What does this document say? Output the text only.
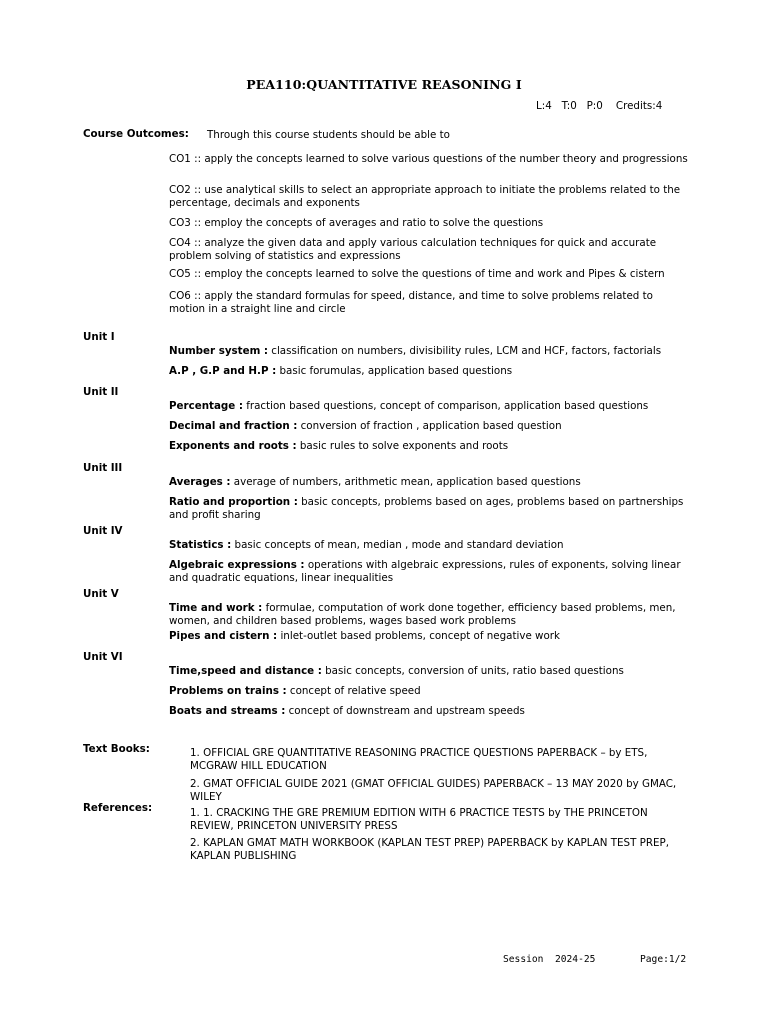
PEA110:QUANTITATIVE REASONING I
L:4   T:0   P:0    Credits:4
Course Outcomes: Through this course students should be able to
CO1 :: apply the concepts learned to solve various questions of the number theory and progressions
CO2 :: use analytical skills to select an appropriate approach to initiate the problems related to the percentage, decimals and exponents
CO3 :: employ the concepts of averages and ratio to solve the questions
CO4 :: analyze the given data and apply various calculation techniques for quick and accurate problem solving of statistics and expressions
CO5 :: employ the concepts learned to solve the questions of time and work and Pipes & cistern
CO6 :: apply the standard formulas for speed, distance, and time to solve problems related to motion in a straight line and circle
Unit I
Number system : classification on numbers, divisibility rules, LCM and HCF, factors, factorials
A.P , G.P and H.P : basic forumulas, application based questions
Unit II
Percentage : fraction based questions, concept of comparison, application based questions
Decimal and fraction : conversion of fraction , application based question
Exponents and roots : basic rules to solve exponents and roots
Unit III
Averages : average of numbers, arithmetic mean, application based questions
Ratio and proportion : basic concepts, problems based on ages, problems based on partnerships and profit sharing
Unit IV
Statistics : basic concepts of mean, median , mode and standard deviation
Algebraic expressions : operations with algebraic expressions, rules of exponents, solving linear and quadratic equations, linear inequalities
Unit V
Time and work : formulae, computation of work done together, efficiency based problems, men, women, and children based problems, wages based work problems
Pipes and cistern : inlet-outlet based problems, concept of negative work
Unit VI
Time,speed and distance : basic concepts, conversion of units, ratio based questions
Problems on trains : concept of relative speed
Boats and streams : concept of downstream and upstream speeds
Text Books:	1. OFFICIAL GRE QUANTITATIVE REASONING PRACTICE QUESTIONS PAPERBACK – by ETS, MCGRAW HILL EDUCATION
2. GMAT OFFICIAL GUIDE 2021 (GMAT OFFICIAL GUIDES) PAPERBACK – 13 MAY 2020 by GMAC, WILEY
References:	1. 1. CRACKING THE GRE PREMIUM EDITION WITH 6 PRACTICE TESTS by THE PRINCETON REVIEW, PRINCETON UNIVERSITY PRESS
2. KAPLAN GMAT MATH WORKBOOK (KAPLAN TEST PREP) PAPERBACK by KAPLAN TEST PREP, KAPLAN PUBLISHING
Session  2024-25	Page:1/2
